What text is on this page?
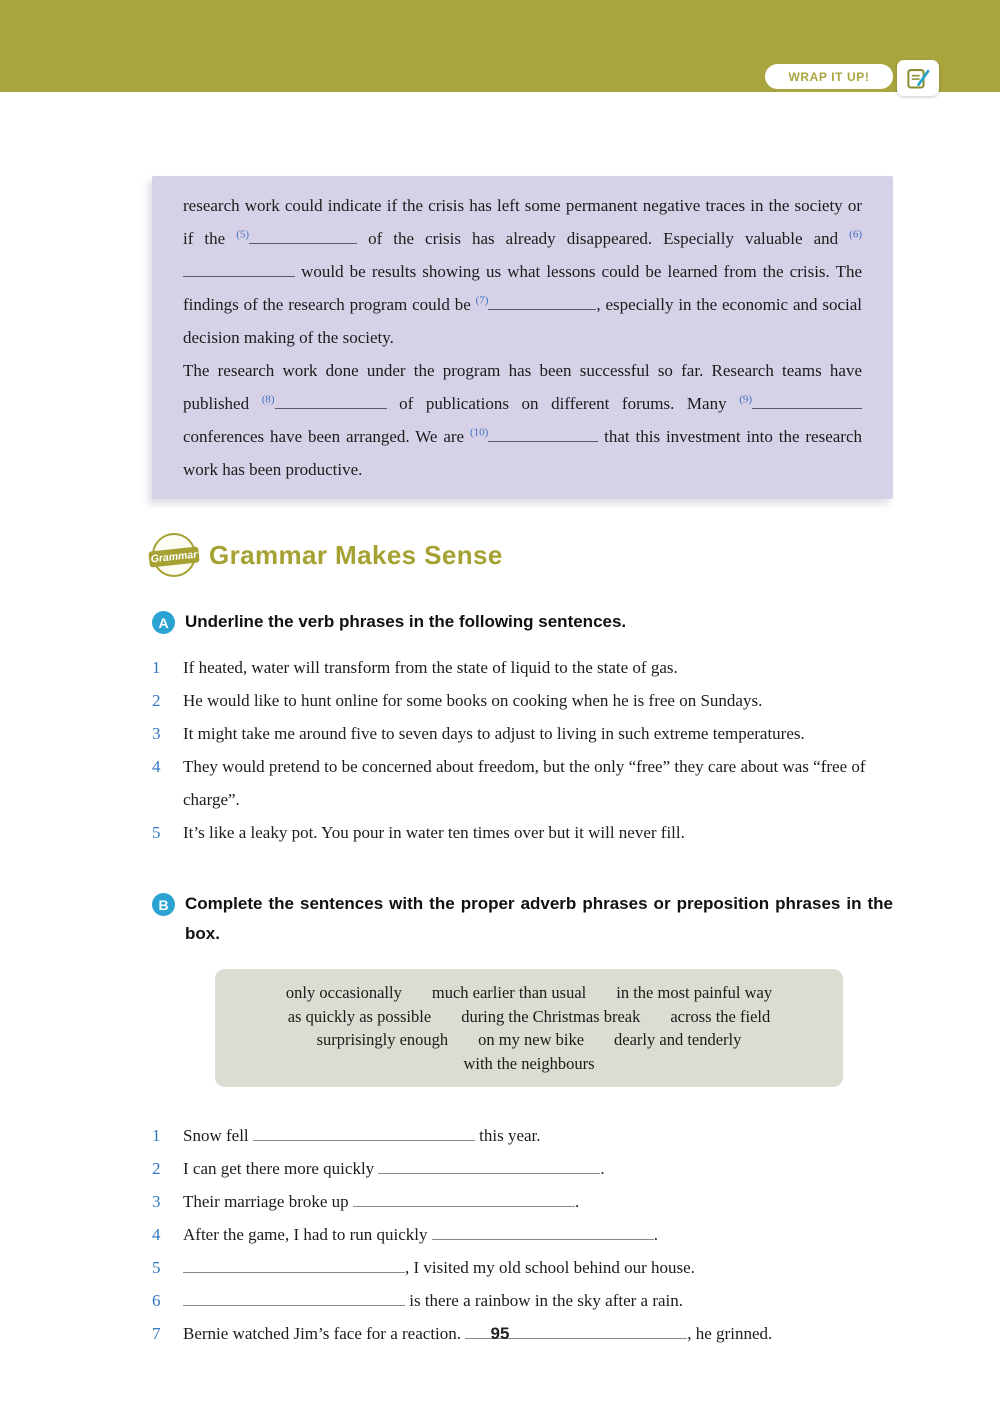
WRAP IT UP!
research work could indicate if the crisis has left some permanent negative traces in the society or if the $^{(5)}$	of the crisis has already disappeared. Especially valuable and $^{(6)}$ would be results showing us what lessons could be learned from the crisis. The findings of the research program could be $^{(7)}$	, especially in the economic and social decision making of the society.
The research work done under the program has been successful so far. Research teams have published $^{(8)}$	of publications on different forums. Many $^{(9)}$ conferences have been arranged. We are $^{(10)}$	that this investment into the research work has been productive.
Grammar Grammar Makes Sense
A Underline the verb phrases in the following sentences.
1	If heated, water will transform from the state of liquid to the state of gas.
2	He would like to hunt online for some books on cooking when he is free on Sundays.
3	It might take me around five to seven days to adjust to living in such extreme temperatures.
4	They would pretend to be concerned about freedom, but the only “free” they care about was “free of charge”.
5	It’s like a leaky pot. You pour in water ten times over but it will never fill.
B Complete the sentences with the proper adverb phrases or preposition phrases in the box.
only occasionally much earlier than usual in the most painful way
as quickly as possible during the Christmas break across the field
surprisingly enough on my new bike dearly and tenderly
with the neighbours
1	Snow fell	this year.
2	I can get there more quickly	.
3	Their marriage broke up	.
4	After the game, I had to run quickly	.
5	, I visited my old school behind our house.
6	is there a rainbow in the sky after a rain.
7	Bernie watched Jim’s face for a reaction.	, he grinned.
95
